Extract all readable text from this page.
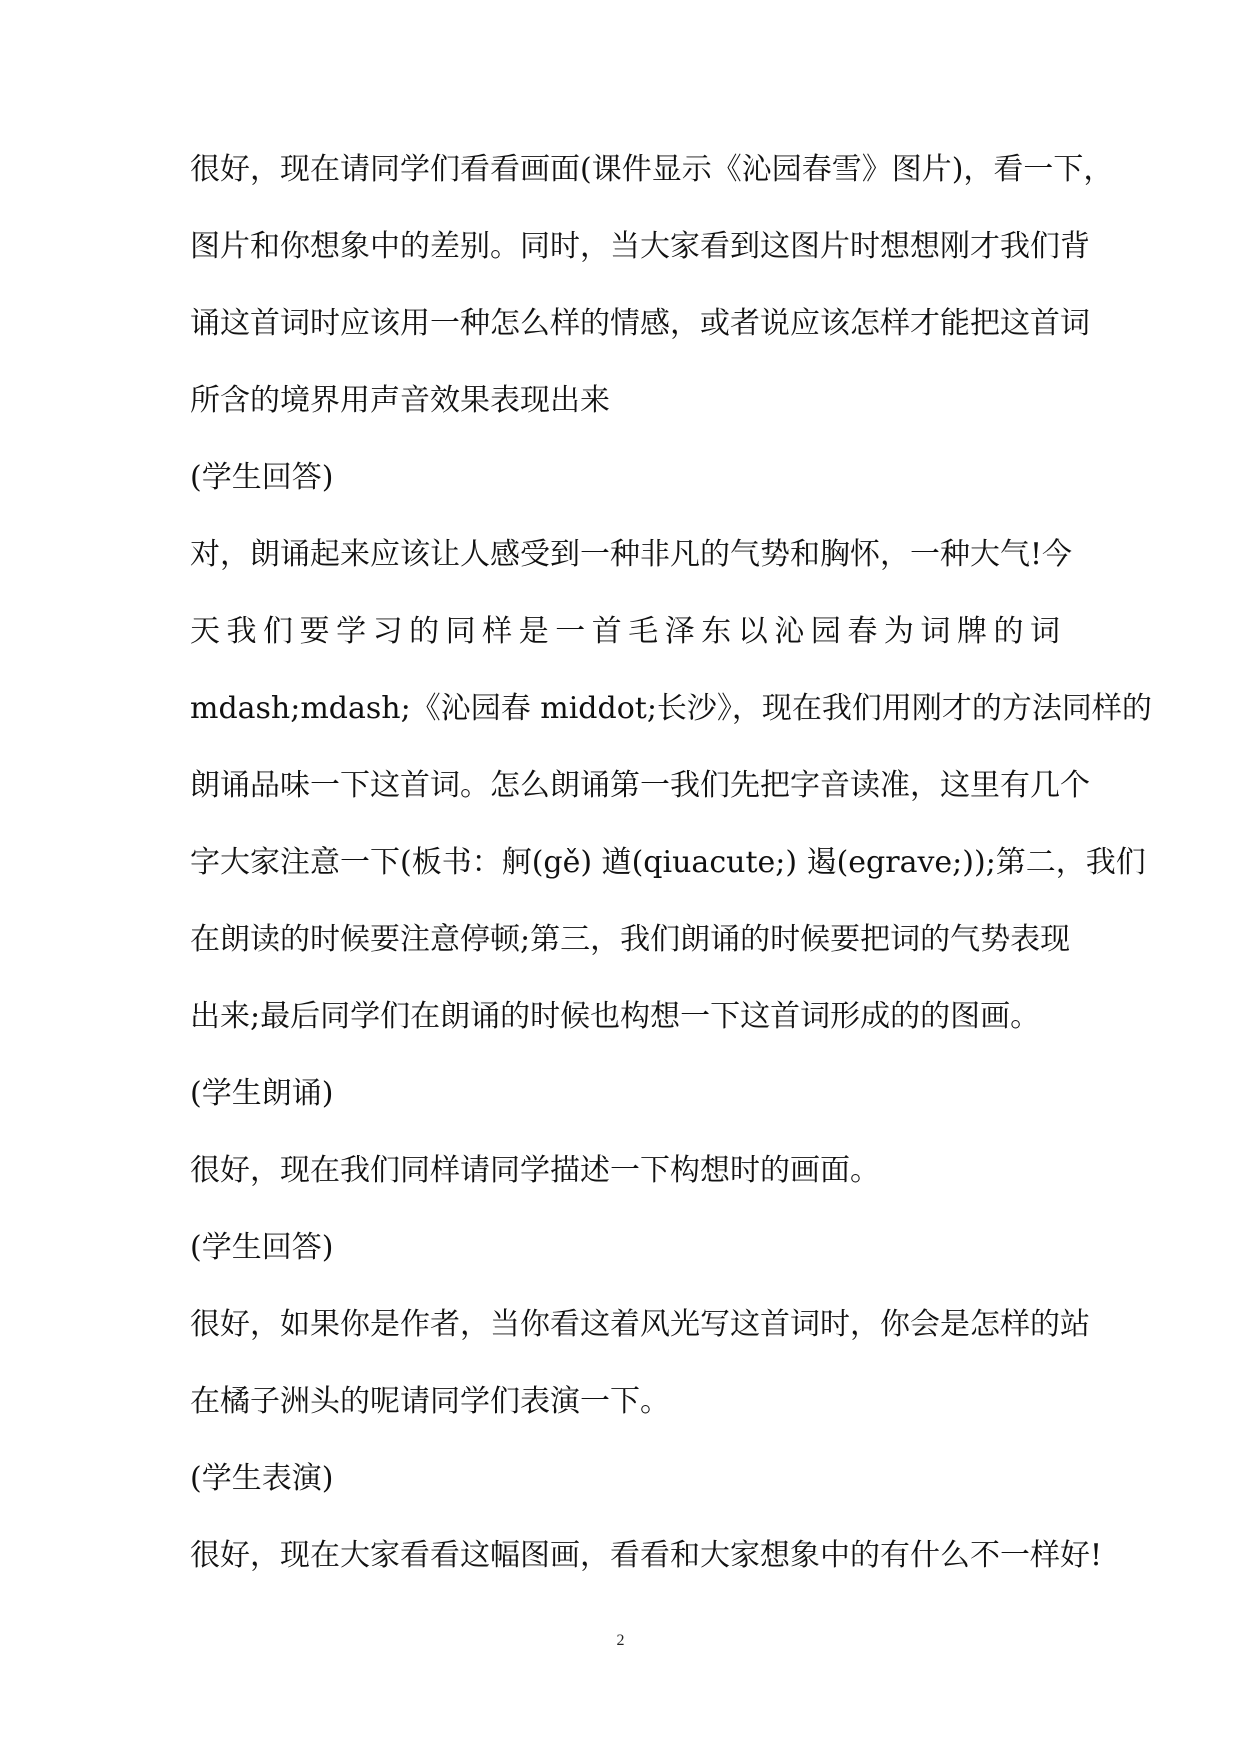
很好，现在请同学们看看画面(课件显示《沁园春雪》图片)，看一下，
图片和你想象中的差别。同时，当大家看到这图片时想想刚才我们背
诵这首词时应该用一种怎么样的情感，或者说应该怎样才能把这首词
所含的境界用声音效果表现出来
(学生回答)
对，朗诵起来应该让人感受到一种非凡的气势和胸怀，一种大气!今
天我们要学习的同样是一首毛泽东以沁园春为词牌的词
mdash;mdash;《沁园春 middot;长沙》，现在我们用刚才的方法同样的
朗诵品味一下这首词。怎么朗诵第一我们先把字音读准，这里有几个
字大家注意一下(板书：舸(gě) 遒(qiuacute;) 遏(egrave;));第二，我们
在朗读的时候要注意停顿;第三，我们朗诵的时候要把词的气势表现
出来;最后同学们在朗诵的时候也构想一下这首词形成的的图画。
(学生朗诵)
很好，现在我们同样请同学描述一下构想时的画面。
(学生回答)
很好，如果你是作者，当你看这着风光写这首词时，你会是怎样的站
在橘子洲头的呢请同学们表演一下。
(学生表演)
很好，现在大家看看这幅图画，看看和大家想象中的有什么不一样好!
2
